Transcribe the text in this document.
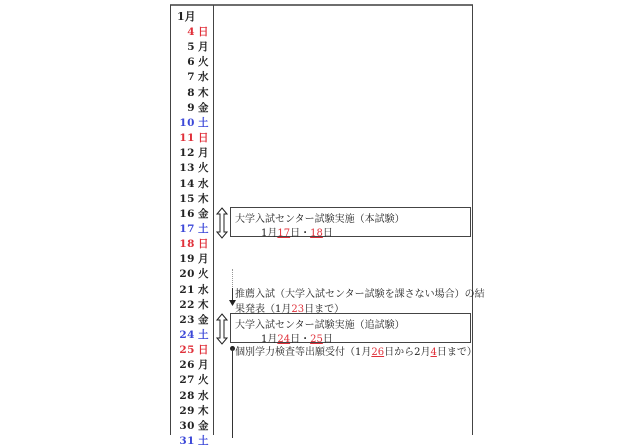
1月
4 日
5 月
6 火
7 水
8 木
9 金
10 土
11 日
12 月
13 火
14 水
15 木
16 金
17 土
18 日
19 月
20 火
21 水
22 木
23 金
24 土
25 日
26 月
27 火
28 水
29 木
30 金
31 土
大学入試センター試験実施（本試験）
1月17日・18日
推薦入試（大学入試センター試験を課さない場合）の結
果発表（1月23日まで）
大学入試センター試験実施（追試験）
1月24日・25日
個別学力検査等出願受付（1月26日から2月4日まで）
